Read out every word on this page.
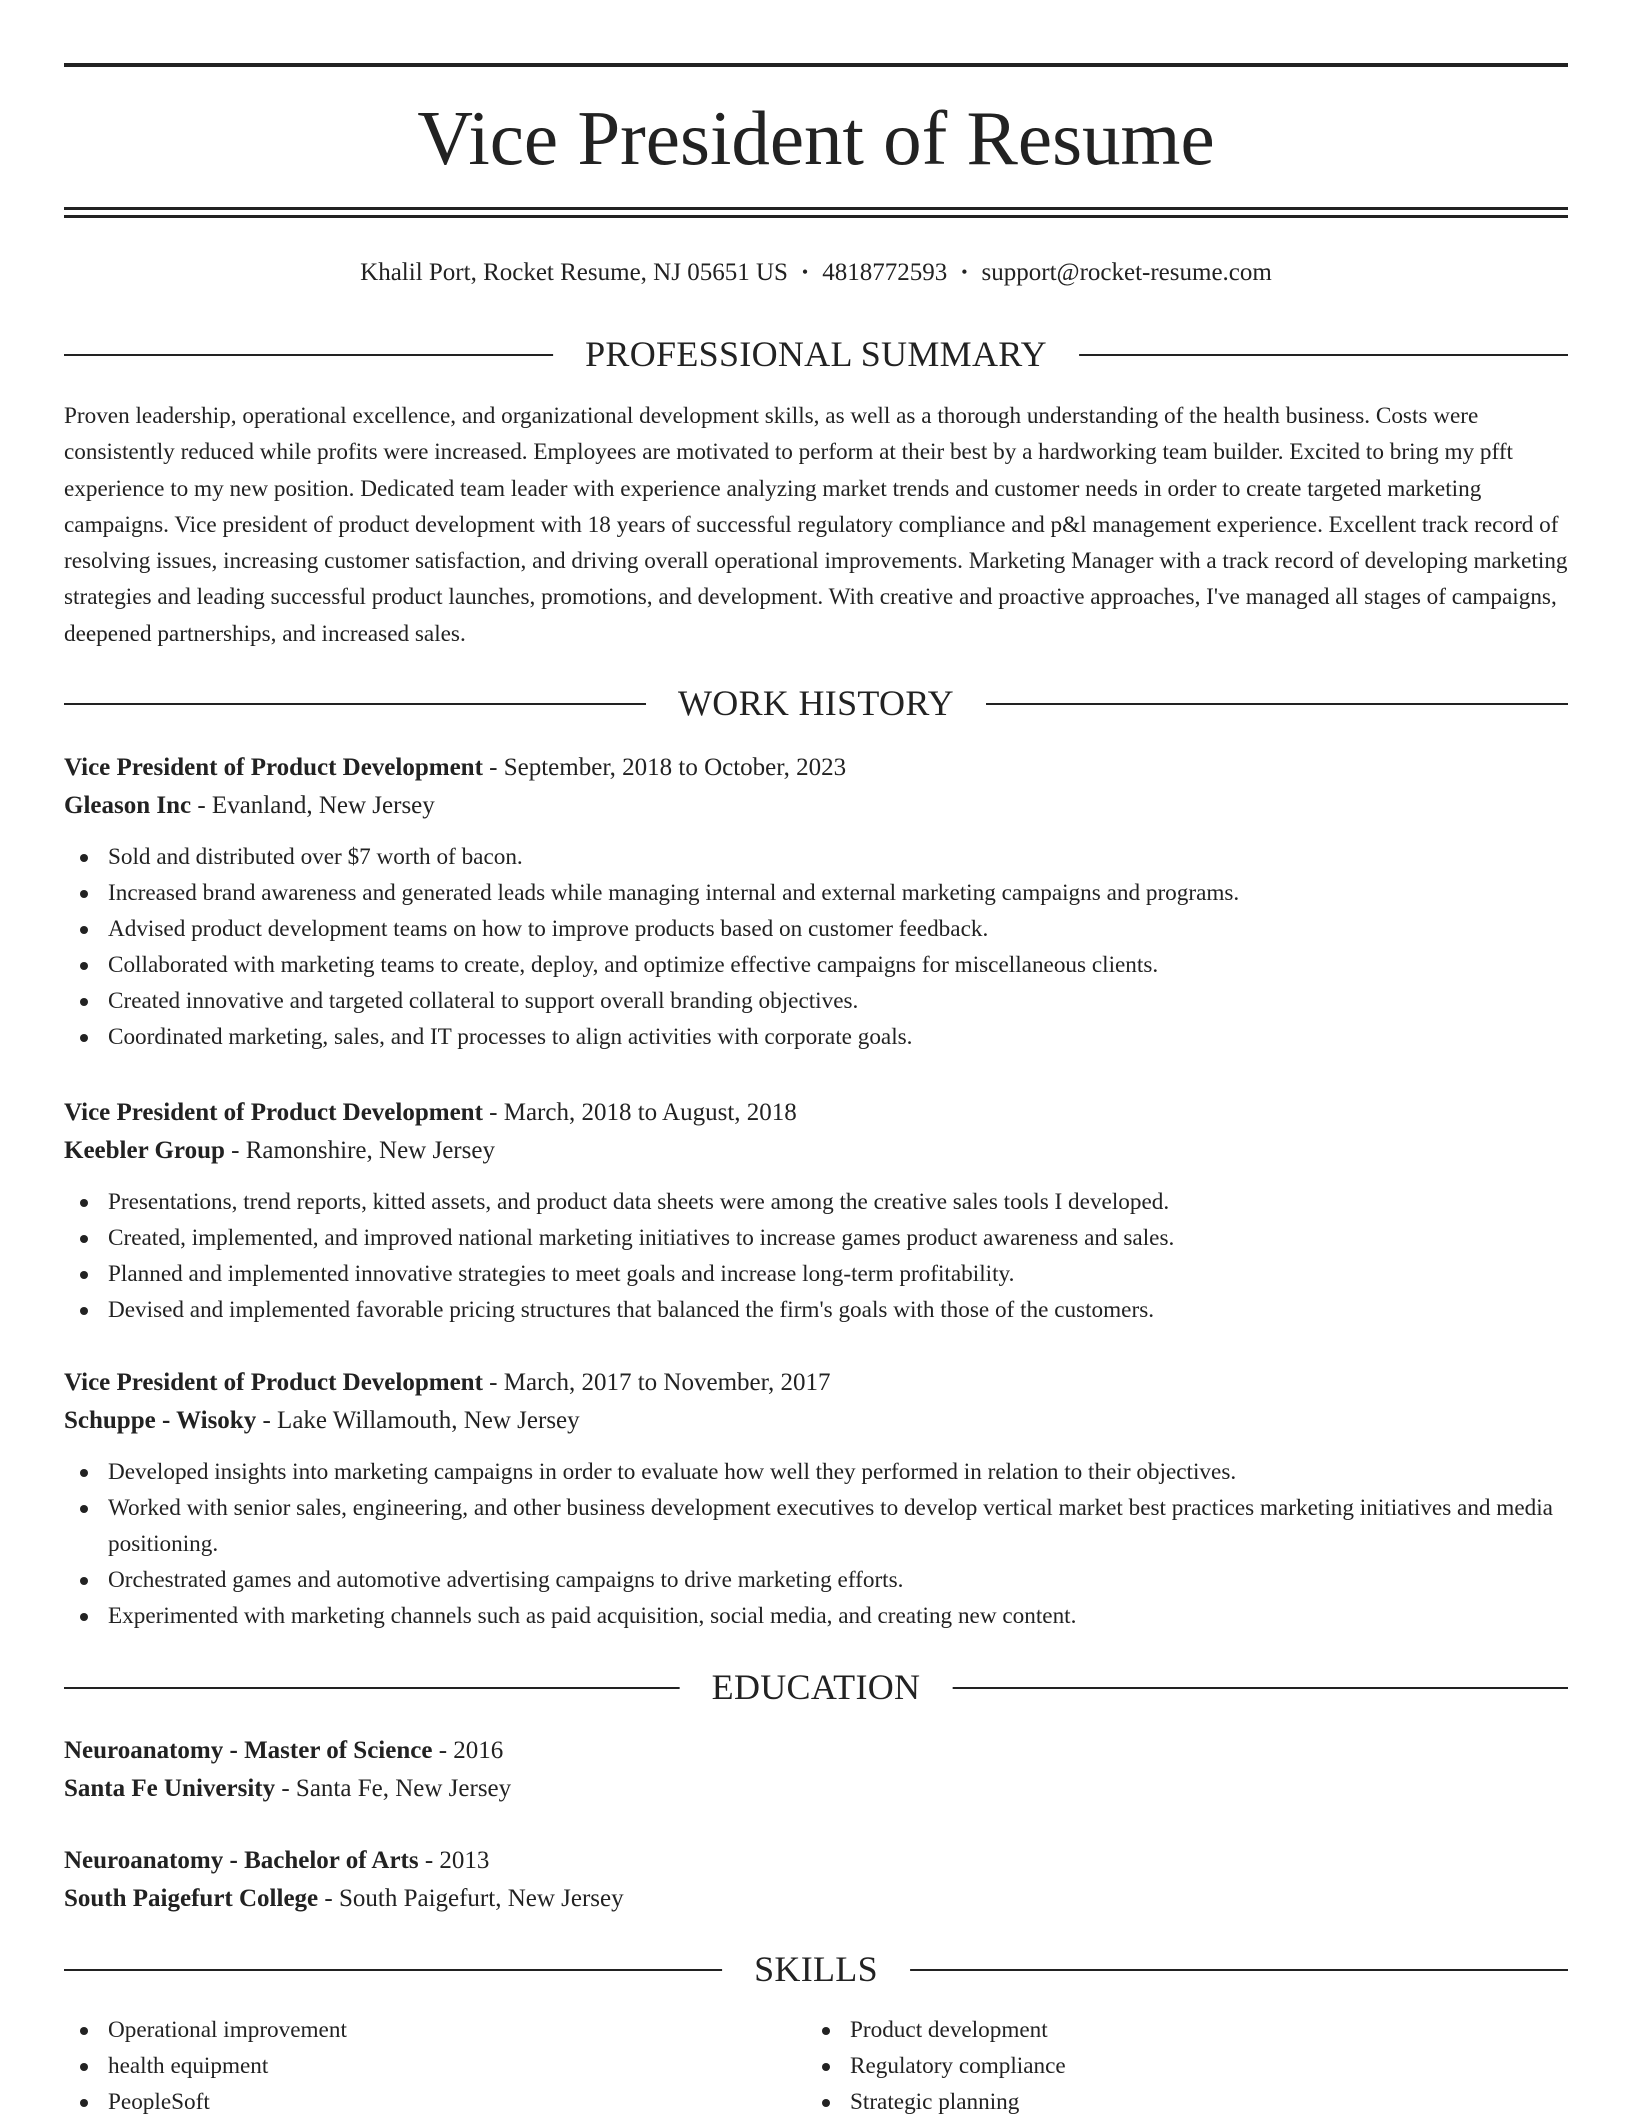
Vice President of Resume
Khalil Port, Rocket Resume, NJ 05651 US • 4818772593 • support@rocket-resume.com
PROFESSIONAL SUMMARY

Proven leadership, operational excellence, and organizational development skills, as well as a thorough understanding of the health business. Costs were consistently reduced while profits were increased. Employees are motivated to perform at their best by a hardworking team builder. Excited to bring my pfft experience to my new position. Dedicated team leader with experience analyzing market trends and customer needs in order to create targeted marketing campaigns. Vice president of product development with 18 years of successful regulatory compliance and p&l management experience. Excellent track record of resolving issues, increasing customer satisfaction, and driving overall operational improvements. Marketing Manager with a track record of developing marketing strategies and leading successful product launches, promotions, and development. With creative and proactive approaches, I've managed all stages of campaigns, deepened partnerships, and increased sales.

WORK HISTORY
Vice President of Product Development - September, 2018 to October, 2023
Gleason Inc - Evanland, New Jersey
Sold and distributed over $7 worth of bacon.
Increased brand awareness and generated leads while managing internal and external marketing campaigns and programs.
Advised product development teams on how to improve products based on customer feedback.
Collaborated with marketing teams to create, deploy, and optimize effective campaigns for miscellaneous clients.
Created innovative and targeted collateral to support overall branding objectives.
Coordinated marketing, sales, and IT processes to align activities with corporate goals.
Vice President of Product Development - March, 2018 to August, 2018
Keebler Group - Ramonshire, New Jersey
Presentations, trend reports, kitted assets, and product data sheets were among the creative sales tools I developed.
Created, implemented, and improved national marketing initiatives to increase games product awareness and sales.
Planned and implemented innovative strategies to meet goals and increase long-term profitability.
Devised and implemented favorable pricing structures that balanced the firm's goals with those of the customers.
Vice President of Product Development - March, 2017 to November, 2017
Schuppe - Wisoky - Lake Willamouth, New Jersey
Developed insights into marketing campaigns in order to evaluate how well they performed in relation to their objectives.
Worked with senior sales, engineering, and other business development executives to develop vertical market best practices marketing initiatives and media positioning.
Orchestrated games and automotive advertising campaigns to drive marketing efforts.
Experimented with marketing channels such as paid acquisition, social media, and creating new content.
EDUCATION
Neuroanatomy - Master of Science - 2016
Santa Fe University - Santa Fe, New Jersey
Neuroanatomy - Bachelor of Arts - 2013
South Paigefurt College - South Paigefurt, New Jersey
SKILLS
Operational improvement
health equipment
PeopleSoft
Product development
Regulatory compliance
Strategic planning
